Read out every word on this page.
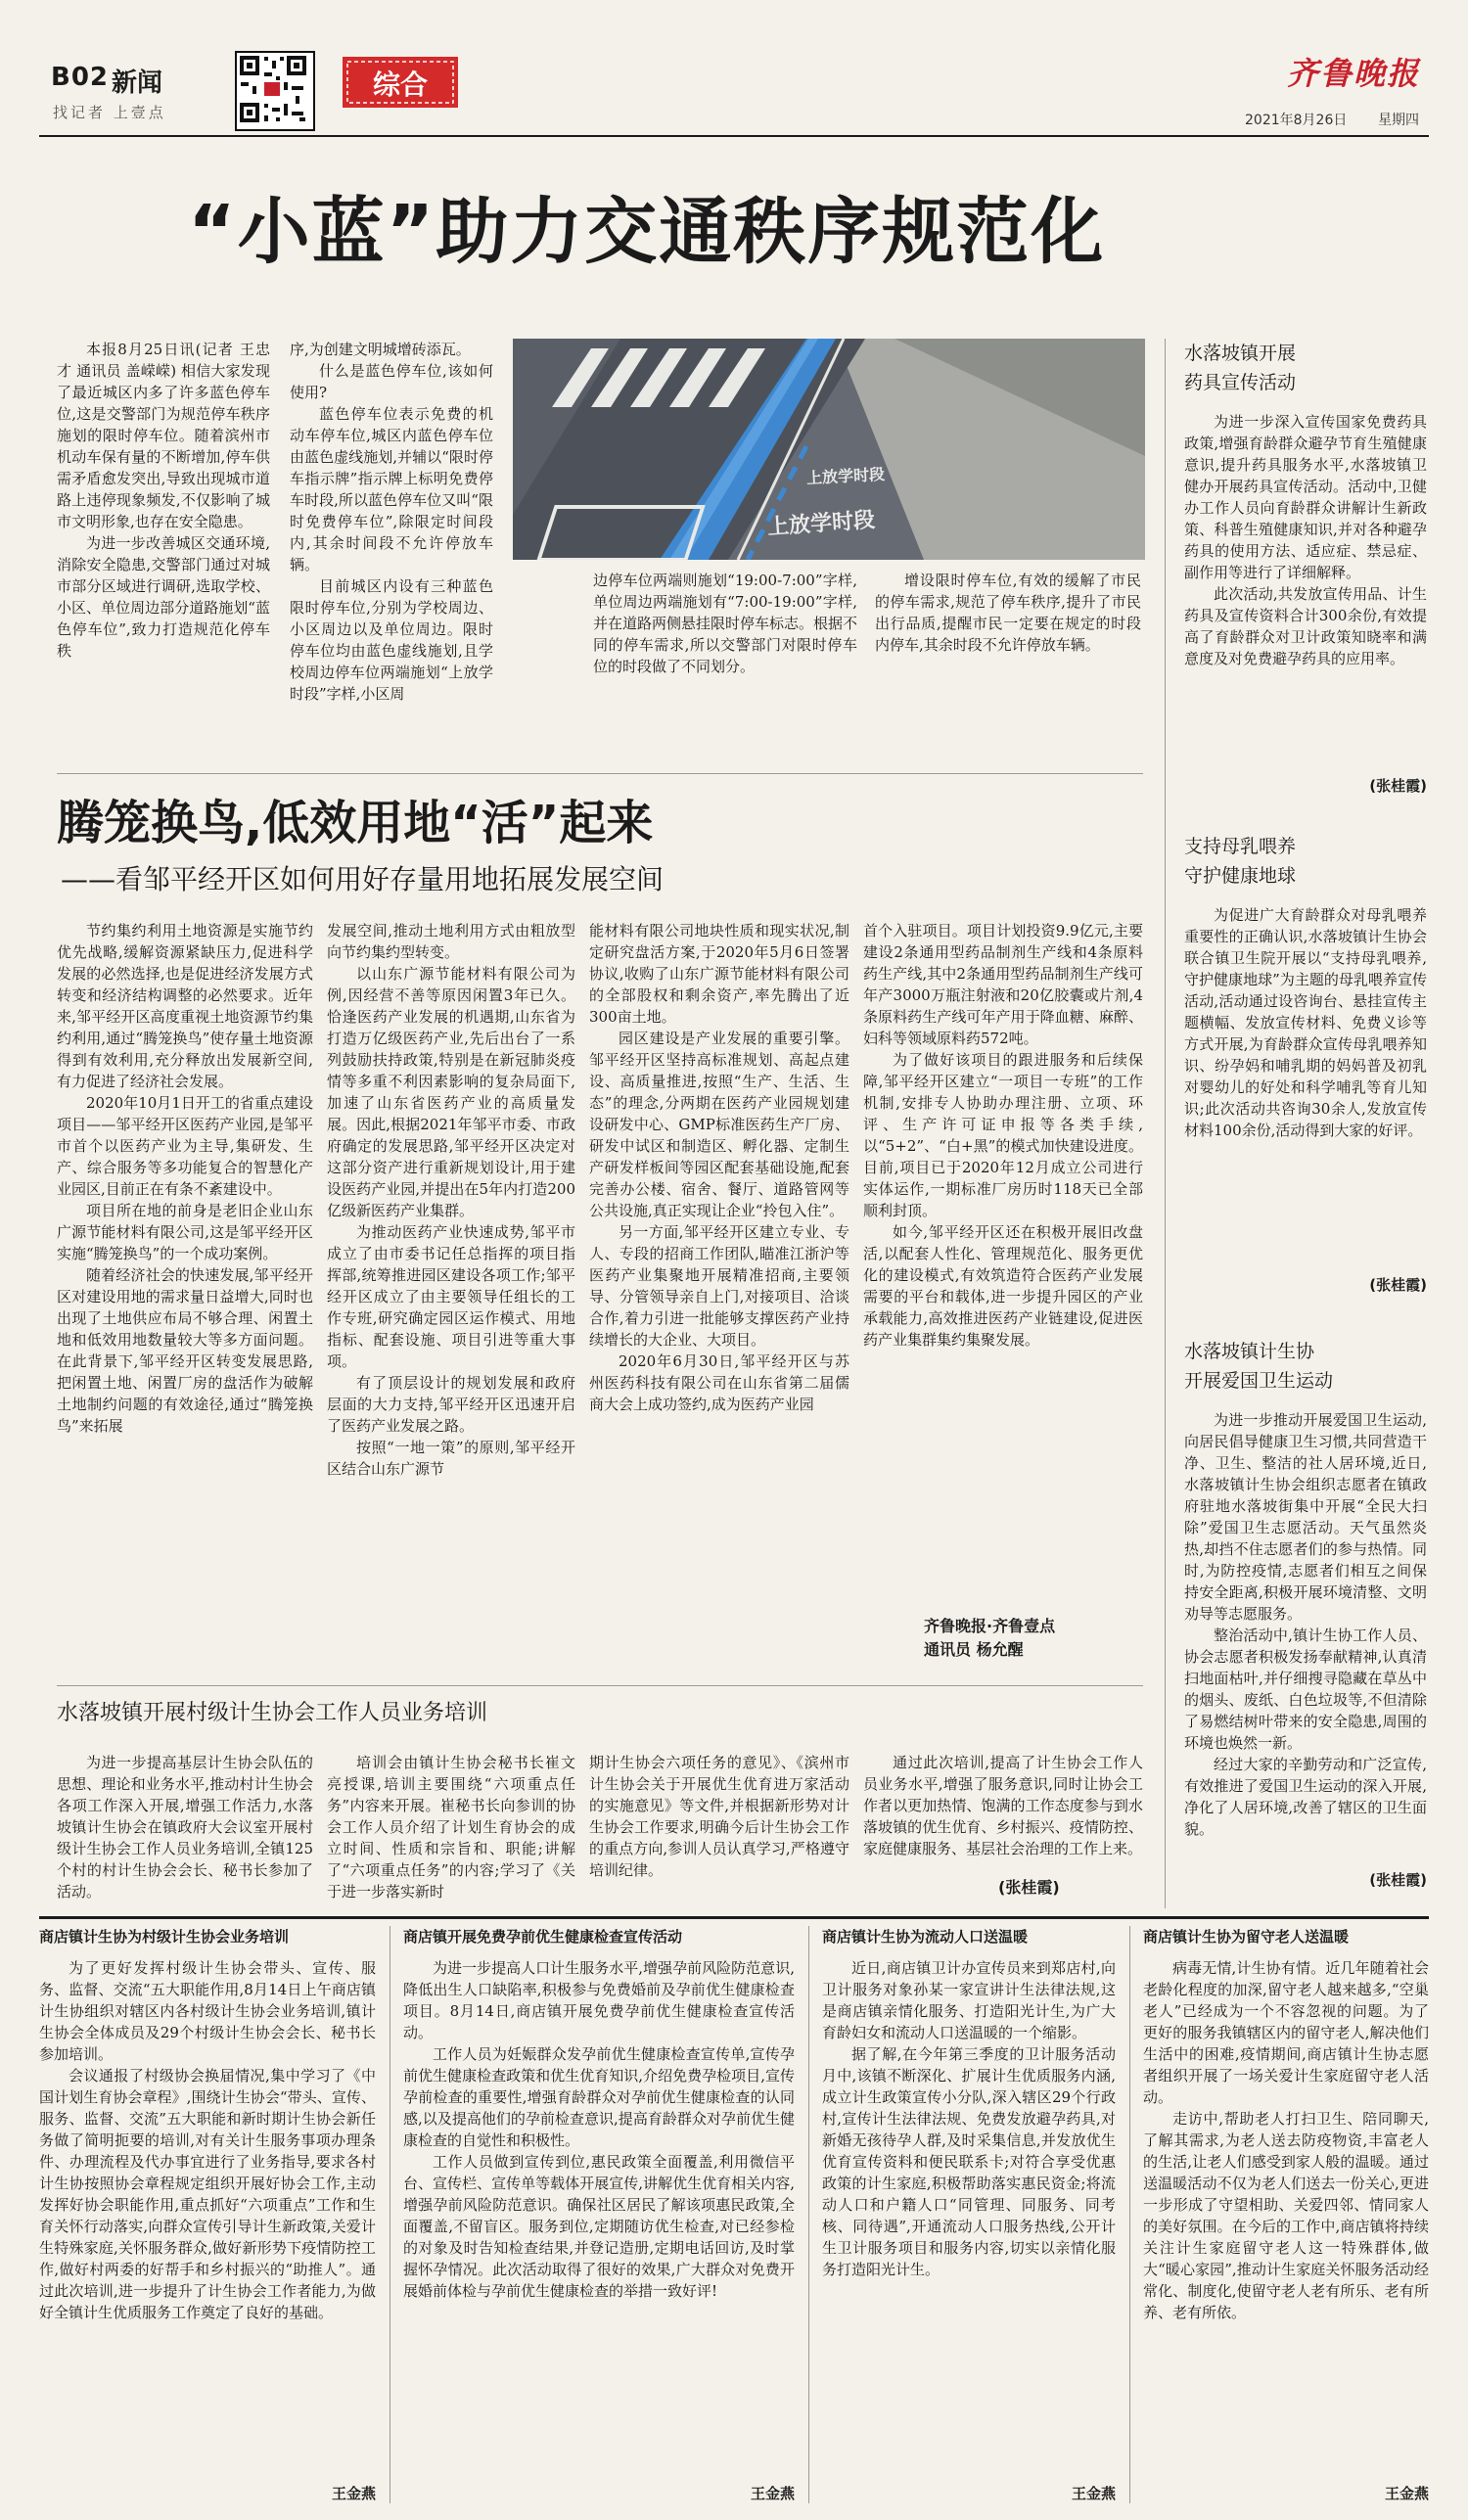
B02 新闻
找记者 上壹点
综合	齐鲁晚报
2021年8月26日 星期四
“小蓝”助力交通秩序规范化

本报8月25日讯(记者 王忠才 通讯员 盖嵘嵘) 相信大家发现了最近城区内多了许多蓝色停车位,这是交警部门为规范停车秩序施划的限时停车位。随着滨州市机动车保有量的不断增加,停车供需矛盾愈发突出,导致出现城市道路上违停现象频发,不仅影响了城市文明形象,也存在安全隐患。

为进一步改善城区交通环境,消除安全隐患,交警部门通过对城市部分区域进行调研,选取学校、小区、单位周边部分道路施划“蓝色停车位”,致力打造规范化停车秩

序,为创建文明城增砖添瓦。

什么是蓝色停车位,该如何使用?

蓝色停车位表示免费的机动车停车位,城区内蓝色停车位由蓝色虚线施划,并辅以“限时停车指示牌”指示牌上标明免费停车时段,所以蓝色停车位又叫“限时免费停车位”,除限定时间段内,其余时间段不允许停放车辆。

目前城区内设有三种蓝色限时停车位,分别为学校周边、小区周边以及单位周边。限时停车位均由蓝色虚线施划,且学校周边停车位两端施划“上放学时段”字样,小区周

上放学时段
上放学时段

边停车位两端则施划“19:00-7:00”字样,单位周边两端施划有“7:00-19:00”字样,并在道路两侧悬挂限时停车标志。根据不同的停车需求,所以交警部门对限时停车位的时段做了不同划分。

增设限时停车位,有效的缓解了市民的停车需求,规范了停车秩序,提升了市民出行品质,提醒市民一定要在规定的时段内停车,其余时段不允许停放车辆。

腾笼换鸟,低效用地“活”起来
——看邹平经开区如何用好存量用地拓展发展空间

节约集约利用土地资源是实施节约优先战略,缓解资源紧缺压力,促进科学发展的必然选择,也是促进经济发展方式转变和经济结构调整的必然要求。近年来,邹平经开区高度重视土地资源节约集约利用,通过“腾笼换鸟”使存量土地资源得到有效利用,充分释放出发展新空间,有力促进了经济社会发展。

2020年10月1日开工的省重点建设项目——邹平经开区医药产业园,是邹平市首个以医药产业为主导,集研发、生产、综合服务等多功能复合的智慧化产业园区,目前正在有条不紊建设中。

项目所在地的前身是老旧企业山东广源节能材料有限公司,这是邹平经开区实施“腾笼换鸟”的一个成功案例。

随着经济社会的快速发展,邹平经开区对建设用地的需求量日益增大,同时也出现了土地供应布局不够合理、闲置土地和低效用地数量较大等多方面问题。在此背景下,邹平经开区转变发展思路,把闲置土地、闲置厂房的盘活作为破解土地制约问题的有效途径,通过“腾笼换鸟”来拓展

发展空间,推动土地利用方式由粗放型向节约集约型转变。

以山东广源节能材料有限公司为例,因经营不善等原因闲置3年已久。恰逢医药产业发展的机遇期,山东省为打造万亿级医药产业,先后出台了一系列鼓励扶持政策,特别是在新冠肺炎疫情等多重不利因素影响的复杂局面下,加速了山东省医药产业的高质量发展。因此,根据2021年邹平市委、市政府确定的发展思路,邹平经开区决定对这部分资产进行重新规划设计,用于建设医药产业园,并提出在5年内打造200亿级新医药产业集群。

为推动医药产业快速成势,邹平市成立了由市委书记任总指挥的项目指挥部,统筹推进园区建设各项工作;邹平经开区成立了由主要领导任组长的工作专班,研究确定园区运作模式、用地指标、配套设施、项目引进等重大事项。

有了顶层设计的规划发展和政府层面的大力支持,邹平经开区迅速开启了医药产业发展之路。

按照“一地一策”的原则,邹平经开区结合山东广源节

能材料有限公司地块性质和现实状况,制定研究盘活方案,于2020年5月6日签署协议,收购了山东广源节能材料有限公司的全部股权和剩余资产,率先腾出了近300亩土地。

园区建设是产业发展的重要引擎。邹平经开区坚持高标准规划、高起点建设、高质量推进,按照“生产、生活、生态”的理念,分两期在医药产业园规划建设研发中心、GMP标准医药生产厂房、研发中试区和制造区、孵化器、定制生产研发样板间等园区配套基础设施,配套完善办公楼、宿舍、餐厅、道路管网等公共设施,真正实现让企业“拎包入住”。

另一方面,邹平经开区建立专业、专人、专段的招商工作团队,瞄准江浙沪等医药产业集聚地开展精准招商,主要领导、分管领导亲自上门,对接项目、洽谈合作,着力引进一批能够支撑医药产业持续增长的大企业、大项目。

2020年6月30日,邹平经开区与苏州医药科技有限公司在山东省第二届儒商大会上成功签约,成为医药产业园

首个入驻项目。项目计划投资9.9亿元,主要建设2条通用型药品制剂生产线和4条原料药生产线,其中2条通用型药品制剂生产线可年产3000万瓶注射液和20亿胶囊或片剂,4条原料药生产线可年产用于降血糖、麻醉、妇科等领域原料药572吨。

为了做好该项目的跟进服务和后续保障,邹平经开区建立“一项目一专班”的工作机制,安排专人协助办理注册、立项、环评、生产许可证申报等各类手续,以“5+2”、“白+黑”的模式加快建设进度。目前,项目已于2020年12月成立公司进行实体运作,一期标准厂房历时118天已全部顺利封顶。

如今,邹平经开区还在积极开展旧改盘活,以配套人性化、管理规范化、服务更优化的建设模式,有效筑造符合医药产业发展需要的平台和载体,进一步提升园区的产业承载能力,高效推进医药产业链建设,促进医药产业集群集约集聚发展。

齐鲁晚报·齐鲁壹点
通讯员 杨允醒
水落坡镇开展村级计生协会工作人员业务培训

为进一步提高基层计生协会队伍的思想、理论和业务水平,推动村计生协会各项工作深入开展,增强工作活力,水落坡镇计生协会在镇政府大会议室开展村级计生协会工作人员业务培训,全镇125个村的村计生协会会长、秘书长参加了活动。

培训会由镇计生协会秘书长崔文亮授课,培训主要围绕“六项重点任务”内容来开展。崔秘书长向参训的协会工作人员介绍了计划生育协会的成立时间、性质和宗旨和、职能;讲解了“六项重点任务”的内容;学习了《关于进一步落实新时

期计生协会六项任务的意见》、《滨州市计生协会关于开展优生优育进万家活动的实施意见》等文件,并根据新形势对计生协会工作要求,明确今后计生协会工作的重点方向,参训人员认真学习,严格遵守培训纪律。

通过此次培训,提高了计生协会工作人员业务水平,增强了服务意识,同时让协会工作者以更加热情、饱满的工作态度参与到水落坡镇的优生优育、乡村振兴、疫情防控、家庭健康服务、基层社会治理的工作上来。

(张桂霞)
水落坡镇开展
药具宣传活动

为进一步深入宣传国家免费药具政策,增强育龄群众避孕节育生殖健康意识,提升药具服务水平,水落坡镇卫健办开展药具宣传活动。活动中,卫健办工作人员向育龄群众讲解计生新政策、科普生殖健康知识,并对各种避孕药具的使用方法、适应症、禁忌症、副作用等进行了详细解释。

此次活动,共发放宣传用品、计生药具及宣传资料合计300余份,有效提高了育龄群众对卫计政策知晓率和满意度及对免费避孕药具的应用率。

(张桂霞)
支持母乳喂养
守护健康地球

为促进广大育龄群众对母乳喂养重要性的正确认识,水落坡镇计生协会联合镇卫生院开展以“支持母乳喂养,守护健康地球”为主题的母乳喂养宣传活动,活动通过设咨询台、悬挂宣传主题横幅、发放宣传材料、免费义诊等方式开展,为育龄群众宣传母乳喂养知识、纷孕妈和哺乳期的妈妈普及初乳对婴幼儿的好处和科学哺乳等育儿知识;此次活动共咨询30余人,发放宣传材料100余份,活动得到大家的好评。

(张桂霞)
水落坡镇计生协
开展爱国卫生运动

为进一步推动开展爱国卫生运动,向居民倡导健康卫生习惯,共同营造干净、卫生、整洁的社人居环境,近日,水落坡镇计生协会组织志愿者在镇政府驻地水落坡街集中开展“全民大扫除”爱国卫生志愿活动。天气虽然炎热,却挡不住志愿者们的参与热情。同时,为防控疫情,志愿者们相互之间保持安全距离,积极开展环境清整、文明劝导等志愿服务。

整治活动中,镇计生协工作人员、协会志愿者积极发扬奉献精神,认真清扫地面枯叶,并仔细搜寻隐藏在草丛中的烟头、废纸、白色垃圾等,不但清除了易燃结树叶带来的安全隐患,周围的环境也焕然一新。

经过大家的辛勤劳动和广泛宣传,有效推进了爱国卫生运动的深入开展,净化了人居环境,改善了辖区的卫生面貌。

(张桂霞)
商店镇计生协为村级计生协会业务培训

为了更好发挥村级计生协会带头、宣传、服务、监督、交流“五大职能作用,8月14日上午商店镇计生协组织对辖区内各村级计生协会业务培训,镇计生协会全体成员及29个村级计生协会会长、秘书长参加培训。

会议通报了村级协会换届情况,集中学习了《中国计划生育协会章程》,围绕计生协会“带头、宣传、服务、监督、交流”五大职能和新时期计生协会新任务做了简明扼要的培训,对有关计生服务事项办理条件、办理流程及代办事宜进行了业务指导,要求各村计生协按照协会章程规定组织开展好协会工作,主动发挥好协会职能作用,重点抓好“六项重点”工作和生育关怀行动落实,向群众宣传引导计生新政策,关爱计生特殊家庭,关怀服务群众,做好新形势下疫情防控工作,做好村两委的好帮手和乡村振兴的“助推人”。通过此次培训,进一步提升了计生协会工作者能力,为做好全镇计生优质服务工作奠定了良好的基础。

王金燕
商店镇开展免费孕前优生健康检查宣传活动

为进一步提高人口计生服务水平,增强孕前风险防范意识,降低出生人口缺陷率,积极参与免费婚前及孕前优生健康检查项目。8月14日,商店镇开展免费孕前优生健康检查宣传活动。

工作人员为妊娠群众发孕前优生健康检查宣传单,宣传孕前优生健康检查政策和优生优育知识,介绍免费孕检项目,宣传孕前检查的重要性,增强育龄群众对孕前优生健康检查的认同感,以及提高他们的孕前检查意识,提高育龄群众对孕前优生健康检查的自觉性和积极性。

工作人员做到宣传到位,惠民政策全面覆盖,利用微信平台、宣传栏、宣传单等载体开展宣传,讲解优生优育相关内容,增强孕前风险防范意识。确保社区居民了解该项惠民政策,全面覆盖,不留盲区。服务到位,定期随访优生检查,对已经参检的对象及时告知检查结果,并登记造册,定期电话回访,及时掌握怀孕情况。此次活动取得了很好的效果,广大群众对免费开展婚前体检与孕前优生健康检查的举措一致好评!

王金燕
商店镇计生协为流动人口送温暖

近日,商店镇卫计办宣传员来到郑店村,向卫计服务对象孙某一家宣讲计生法律法规,这是商店镇亲情化服务、打造阳光计生,为广大育龄妇女和流动人口送温暖的一个缩影。

据了解,在今年第三季度的卫计服务活动月中,该镇不断深化、扩展计生优质服务内涵,成立计生政策宣传小分队,深入辖区29个行政村,宣传计生法律法规、免费发放避孕药具,对新婚无孩待孕人群,及时采集信息,并发放优生优育宣传资料和便民联系卡;对符合享受优惠政策的计生家庭,积极帮助落实惠民资金;将流动人口和户籍人口“同管理、同服务、同考核、同待遇”,开通流动人口服务热线,公开计生卫计服务项目和服务内容,切实以亲情化服务打造阳光计生。

王金燕
商店镇计生协为留守老人送温暖

病毒无情,计生协有情。近几年随着社会老龄化程度的加深,留守老人越来越多,“空巢老人”已经成为一个不容忽视的问题。为了更好的服务我镇辖区内的留守老人,解决他们生活中的困难,疫情期间,商店镇计生协志愿者组织开展了一场关爱计生家庭留守老人活动。

走访中,帮助老人打扫卫生、陪同聊天,了解其需求,为老人送去防疫物资,丰富老人的生活,让老人们感受到家人般的温暖。通过送温暖活动不仅为老人们送去一份关心,更进一步形成了守望相助、关爱四邻、情同家人的美好氛围。在今后的工作中,商店镇将持续关注计生家庭留守老人这一特殊群体,做大“暖心家园”,推动计生家庭关怀服务活动经常化、制度化,使留守老人老有所乐、老有所养、老有所依。

王金燕
